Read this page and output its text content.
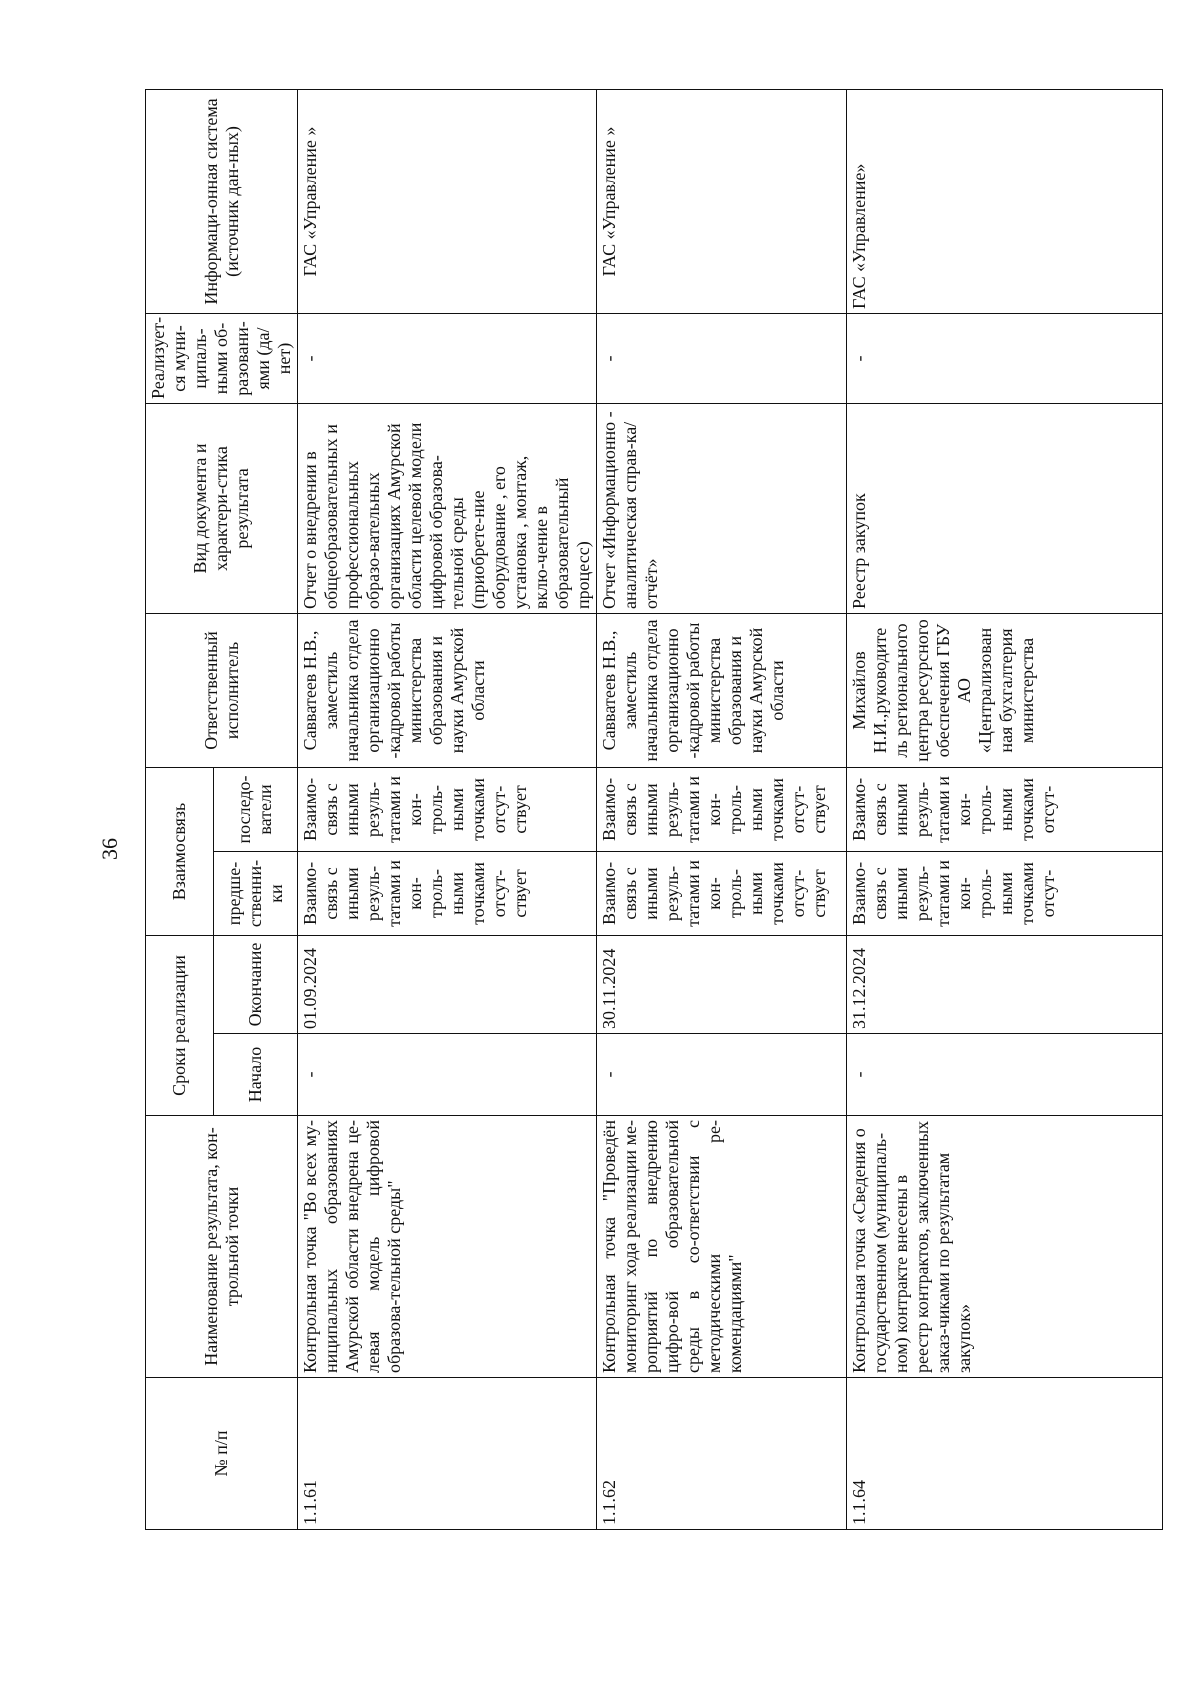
36
№ п/п	Наименование результата, кон-трольной точки	Сроки реализации		Взаимосвязь		Ответственный исполнитель	Вид документа и характери-стика результата	Реализует-ся муни-ципаль-ными об-разовани-ями (да/нет)	Информаци-онная система (источник дан-ных)
		Начало	Окончание	предше-ственни-ки	последо-ватели				
1.1.61	Контрольная точка "Во всех му-ниципальных образованиях Амурской области внедрена це-левая модель цифровой образова-тельной среды"	-	01.09.2024	Взаимо-связь с иными резуль-татами и кон-троль-ными точками отсут-ствует	Взаимо-связь с иными резуль-татами и кон-троль-ными точками отсут-ствует	Савватеев Н.В., заместиль начальника отдела организационно -кадровой работы министерства образования и науки Амурской области	Отчет о внедрении в общеобразовательных и профессиональных образо-вательных организациях Амурской области целевой модели цифровой образова-тельной среды (приобрете-ние оборудование , его установка , монтаж, вклю-чение в образовательный процесс)	-	ГАС «Управление »
1.1.62	Контрольная точка "Проведён мониторинг хода реализации ме-роприятий по внедрению цифро-вой образовательной среды в со-ответствии с методическими ре-комендациями"	-	30.11.2024	Взаимо-связь с иными резуль-татами и кон-троль-ными точками отсут-ствует	Взаимо-связь с иными резуль-татами и кон-троль-ными точками отсут-ствует	Савватеев Н.В., заместиль начальника отдела организационно -кадровой работы министерства образования и науки Амурской области	Отчет «Информационно - аналитическая справ-ка/отчёт»	-	ГАС «Управление »
1.1.64	Контрольная точка «Сведения о государственном (муниципаль-ном) контракте внесены в реестр контрактов, заключенных заказ-чиками по результатам закупок»	-	31.12.2024	Взаимо-связь с иными резуль-татами и кон-троль-ными точками отсут-	Взаимо-связь с иными резуль-татами и кон-троль-ными точками отсут-	Михайлов Н.И.,руководите ль регионального центра ресурсного обеспечения ГБУ АО «Централизован ная бухгалтерия министерства	Реестр закупок	-	ГАС «Управление»
